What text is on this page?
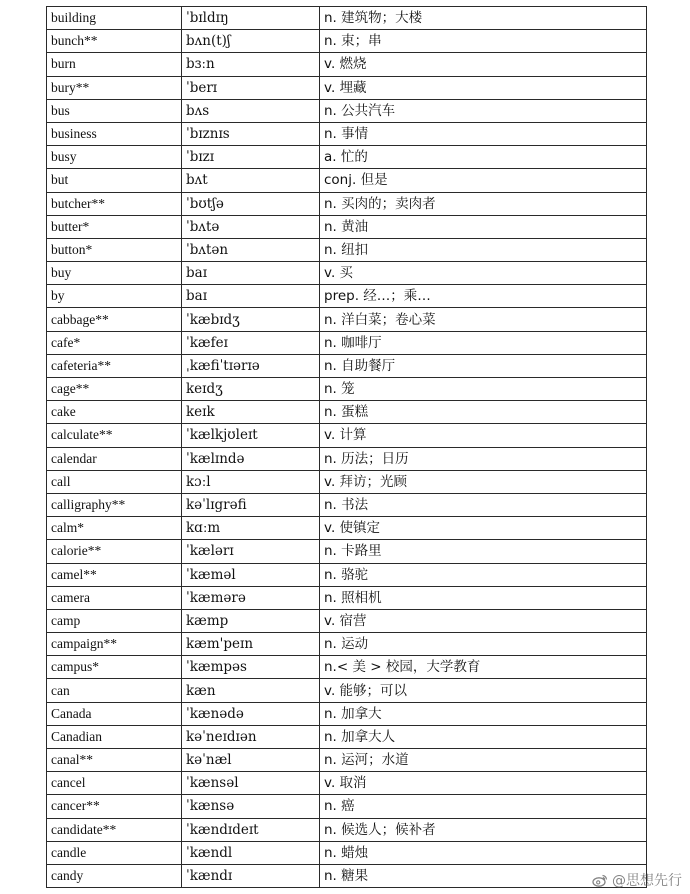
building	ˈbɪldɪŋ	n. 建筑物；大楼
bunch**	bʌn(t)ʃ	n. 束；串
burn	bɜːn	v. 燃烧
bury**	ˈberɪ	v. 埋藏
bus	bʌs	n. 公共汽车
business	ˈbɪznɪs	n. 事情
busy	ˈbɪzɪ	a. 忙的
but	bʌt	conj. 但是
butcher**	ˈbʊtʃə	n. 买肉的；卖肉者
butter*	ˈbʌtə	n. 黄油
button*	ˈbʌtən	n. 纽扣
buy	baɪ	v. 买
by	baɪ	prep. 经…；乘…
cabbage**	ˈkæbɪdʒ	n. 洋白菜；卷心菜
cafe*	ˈkæfeɪ	n. 咖啡厅
cafeteria**	ˌkæfiˈtɪərɪə	n. 自助餐厅
cage**	keɪdʒ	n. 笼
cake	keɪk	n. 蛋糕
calculate**	ˈkælkjʊleɪt	v. 计算
calendar	ˈkælɪndə	n. 历法；日历
call	kɔːl	v. 拜访；光顾
calligraphy**	kəˈlɪgrəfi	n. 书法
calm*	kɑːm	v. 使镇定
calorie**	ˈkælərɪ	n. 卡路里
camel**	ˈkæməl	n. 骆驼
camera	ˈkæmərə	n. 照相机
camp	kæmp	v. 宿营
campaign**	kæm'peɪn	n. 运动
campus*	ˈkæmpəs	n.< 美 > 校园，大学教育
can	kæn	v. 能够；可以
Canada	ˈkænədə	n. 加拿大
Canadian	kəˈneɪdɪən	n. 加拿大人
canal**	kəˈnæl	n. 运河；水道
cancel	ˈkænsəl	v. 取消
cancer**	ˈkænsə	n. 癌
candidate**	ˈkændɪdeɪt	n. 候选人；候补者
candle	ˈkændl	n. 蜡烛
candy	ˈkændɪ	n. 糖果	@思想先行
